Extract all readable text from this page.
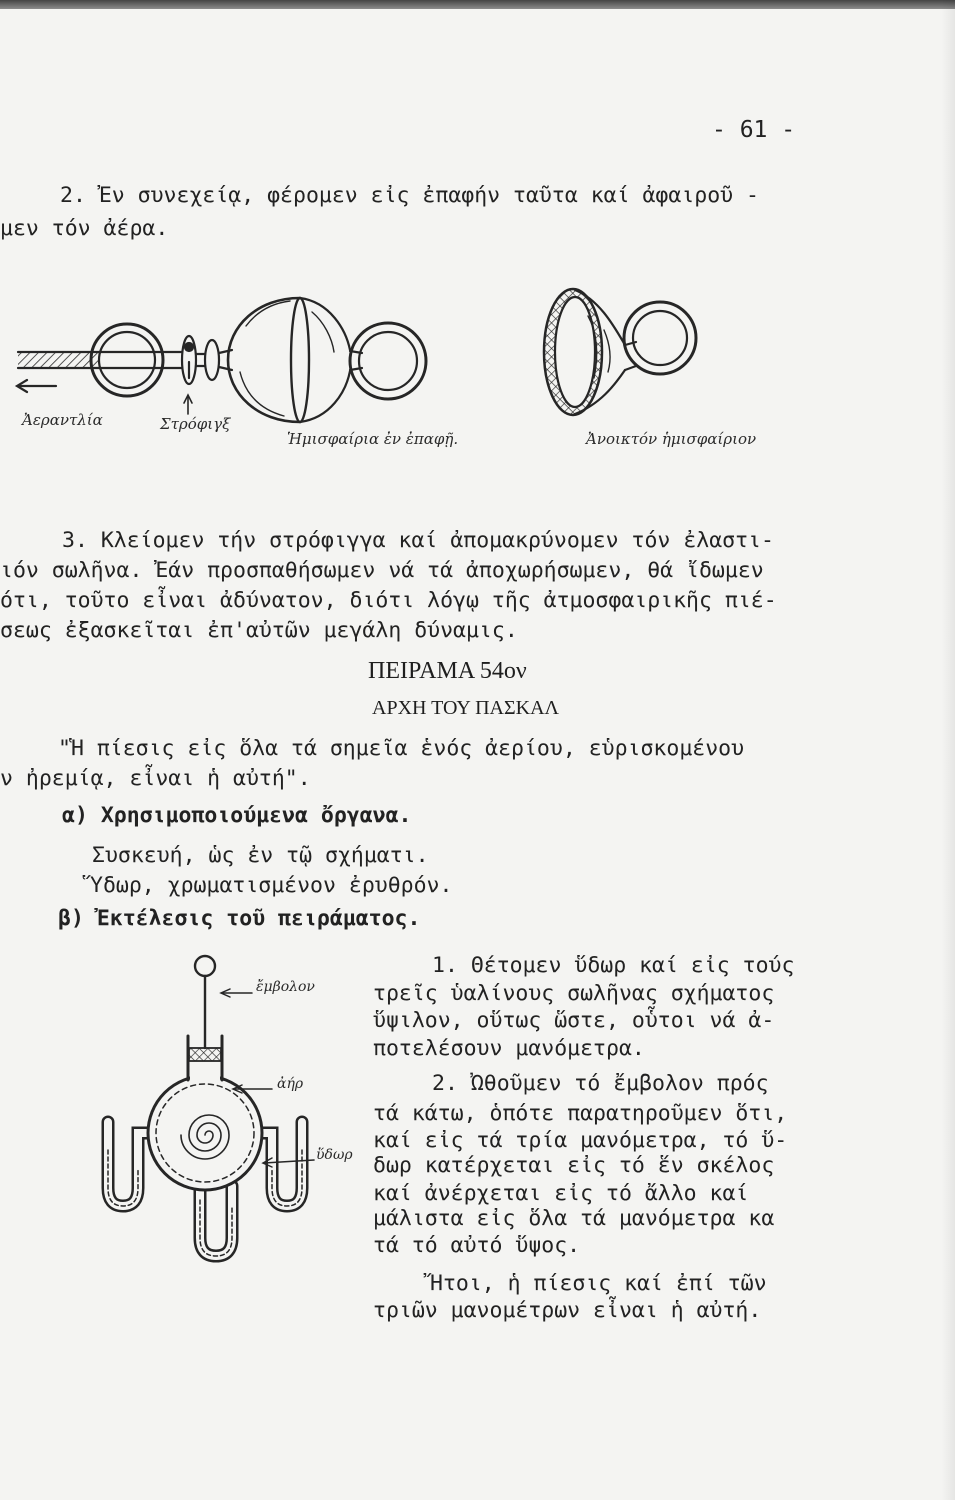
- 61 -
2. Ἐν συνεχείᾳ, φέρομεν εἰς ἐπαφήν ταῦτα καί ἀφαιροῦ -
μεν τόν ἀέρα.
Ἀεραντλία	Στρόφιγξ
Ἡμισφαίρια ἐν ἐπαφῇ.	Ἀνοικτόν ἡμισφαίριον
3. Κλείομεν τήν στρόφιγγα καί ἀπομακρύνομεν τόν ἐλαστι-
ιόν σωλῆνα. Ἐάν προσπαθήσωμεν νά τά ἀποχωρήσωμεν, θά ἴδωμεν
ότι, τοῦτο εἶναι ἀδύνατον, διότι λόγῳ τῆς ἀτμοσφαιρικῆς πιέ-
σεως ἐξασκεῖται ἐπ'αὐτῶν μεγάλη δύναμις.
ΠΕΙΡΑΜΑ 54ον
ΑΡΧΗ ΤΟΥ ΠΑΣΚΑΛ
"Ἡ πίεσις εἰς ὅλα τά σημεῖα ἑνός ἀερίου, εὑρισκομένου
ν ἠρεμίᾳ, εἶναι ἡ αὐτή".
α) Χρησιμοποιούμενα ὄργανα.
Συσκευή, ὡς ἐν τῷ σχήματι.
Ὕδωρ, χρωματισμένον ἐρυθρόν.
β) Ἐκτέλεσις τοῦ πειράματος.
ἔμβολον
ἀήρ
ὕδωρ
1. Θέτομεν ὕδωρ καί εἰς τούς
τρεῖς ὑαλίνους σωλῆνας σχήματος
ὕψιλον, οὕτως ὥστε, οὗτοι νά ἀ-
ποτελέσουν μανόμετρα.
2. Ὠθοῦμεν τό ἔμβολον πρός
τά κάτω, ὁπότε παρατηροῦμεν ὅτι,
καί εἰς τά τρία μανόμετρα, τό ὕ-
δωρ κατέρχεται εἰς τό ἕν σκέλος
καί ἀνέρχεται εἰς τό ἄλλο καί
μάλιστα εἰς ὅλα τά μανόμετρα κα
τά τό αὐτό ὕψος.
Ἤτοι, ἡ πίεσις καί ἐπί τῶν
τριῶν μανομέτρων εἶναι ἡ αὐτή.
